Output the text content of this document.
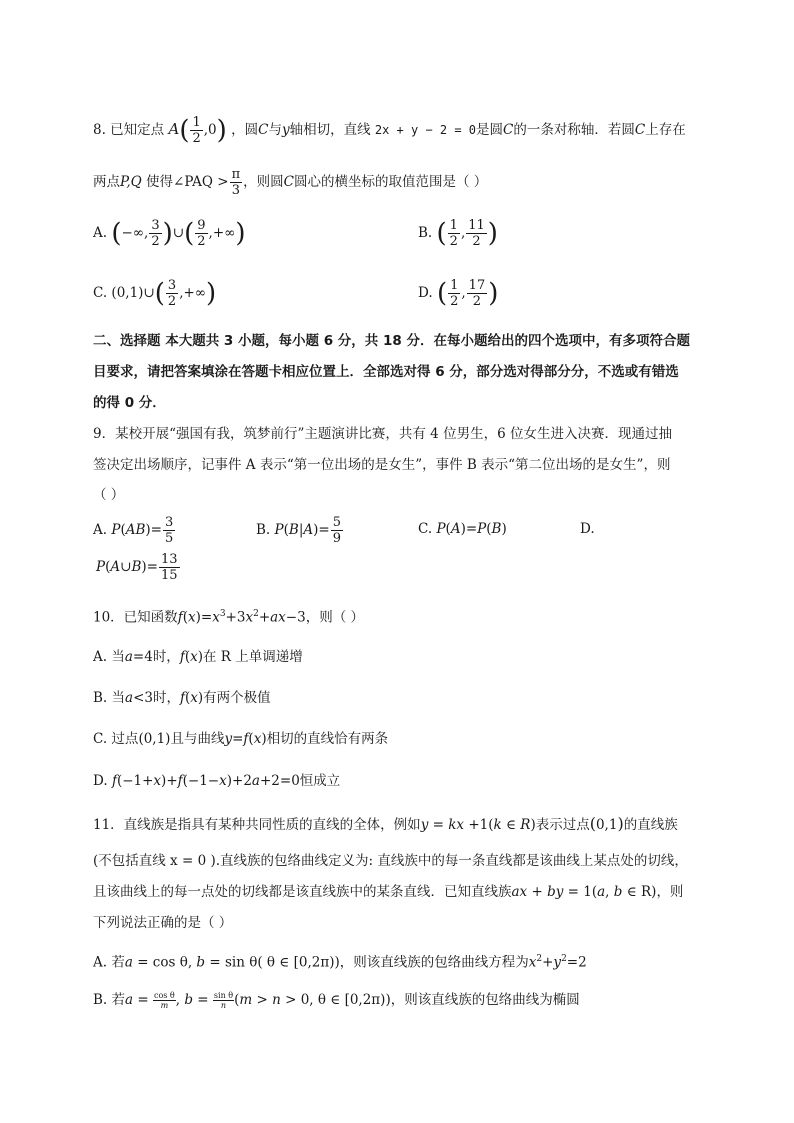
8. 已知定点 $A( \frac{1}{2} ,0)$ ，圆C与y轴相切，直线 2x + y − 2 = 0是圆C的一条对称轴．若圆C上存在
两点P,Q 使得∠PAQ > $\frac{\pi}{3}$ ，则圆C圆心的横坐标的取值范围是（ ）
A. (−∞, $\frac{3}{2}$ )∪( $\frac{9}{2}$ ,+∞)	B. ( $\frac{1}{2}$ , $\frac{11}{2}$ )
C. (0,1)∪( $\frac{3}{2}$ ,+∞)	D. ( $\frac{1}{2}$ , $\frac{17}{2}$ )
二、选择题 本大题共 3 小题，每小题 6 分，共 18 分．在每小题给出的四个选项中，有多项符合题
目要求，请把答案填涂在答题卡相应位置上．全部选对得 6 分，部分选对得部分分，不选或有错选
的得 0 分．
9．某校开展“强国有我，筑梦前行”主题演讲比赛，共有 4 位男生，6 位女生进入决赛．现通过抽
签决定出场顺序，记事件 A 表示“第一位出场的是女生”，事件 B 表示“第二位出场的是女生”，则
（ ）
A. $P(AB)= \frac{3}{5}$	B. $P(B|A)= \frac{5}{9}$	C. P(A)=P(B)	D.
P(A∪B)= $\frac{13}{15}$
10．已知函数$f(x)=x^3+3x^2+ax-3$，则（ ）
A. 当a=4时，f(x)在 R 上单调递增
B. 当a<3时，f(x)有两个极值
C. 过点(0,1)且与曲线y=f(x)相切的直线恰有两条
D. f(−1+x)+f(−1−x)+2a+2=0恒成立
11．直线族是指具有某种共同性质的直线的全体，例如y = kx +1(k ∈ R)表示过点(0,1)的直线族
(不包括直线 x = 0 ).直线族的包络曲线定义为: 直线族中的每一条直线都是该曲线上某点处的切线，
且该曲线上的每一点处的切线都是该直线族中的某条直线．已知直线族ax + by = 1(a, b ∈ R)，则
下列说法正确的是（ ）
A. 若a = cos θ, b = sin θ( θ ∈ [0,2π))，则该直线族的包络曲线方程为$x^2+y^2=2$
B. 若$a = \frac{\text{cos θ}}{m}$ , $b = \frac{\text{sin θ}}{n} (m > n > 0$, θ ∈ [0,2π))，则该直线族的包络曲线为椭圆
